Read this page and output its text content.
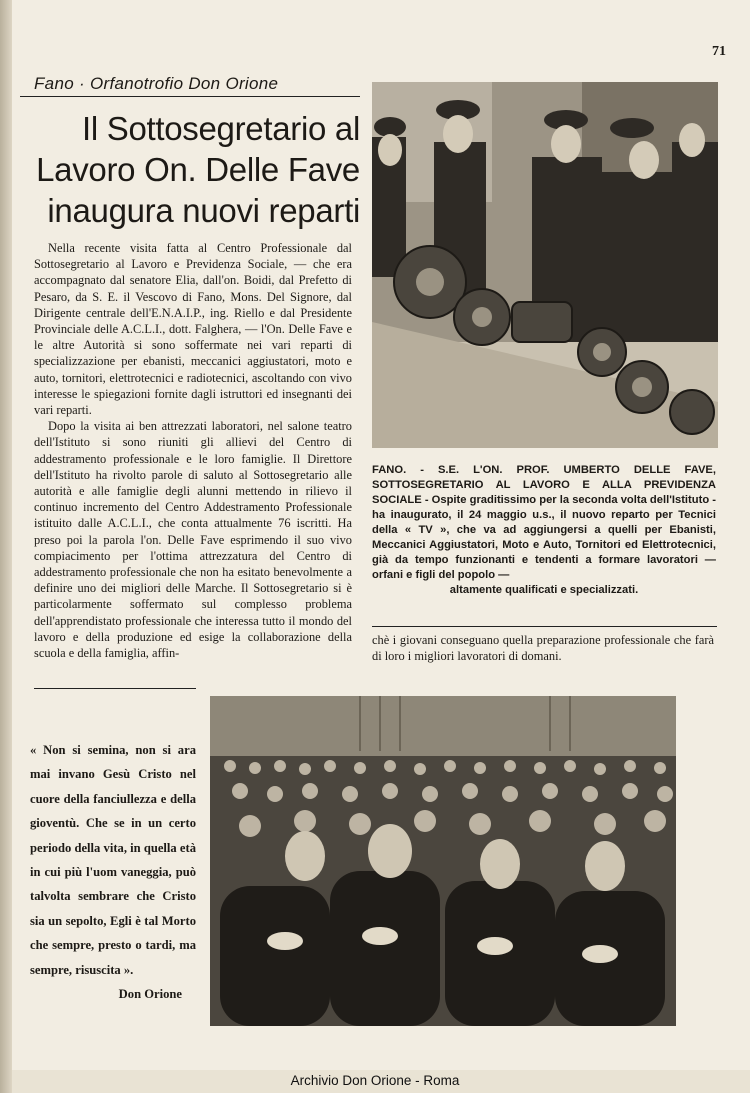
71
Fano · Orfanotrofio Don Orione
Il Sottosegretario al Lavoro On. Delle Fave inaugura nuovi reparti

Nella recente visita fatta al Centro Professionale dal Sottosegretario al Lavoro e Previdenza Sociale, — che era accompagnato dal senatore Elia, dall'on. Boidi, dal Prefetto di Pesaro, da S. E. il Vescovo di Fano, Mons. Del Signore, dal Dirigente centrale dell'E.N.A.I.P., ing. Riello e dal Presidente Provinciale delle A.C.L.I., dott. Falghera, — l'On. Delle Fave e le altre Autorità si sono soffermate nei vari reparti di specializzazione per ebanisti, meccanici aggiustatori, moto e auto, tornitori, elettrotecnici e radiotecnici, ascoltando con vivo interesse le spiegazioni fornite dagli istruttori ed insegnanti dei vari reparti.

Dopo la visita ai ben attrezzati laboratori, nel salone teatro dell'Istituto si sono riuniti gli allievi del Centro di addestramento professionale e le loro famiglie. Il Direttore dell'Istituto ha rivolto parole di saluto al Sottosegretario alle autorità e alle famiglie degli alunni mettendo in rilievo il continuo incremento del Centro Addestramento Professionale istituito dalle A.C.L.I., che conta attualmente 76 iscritti. Ha preso poi la parola l'on. Delle Fave esprimendo il suo vivo compiacimento per l'ottima attrezzatura del Centro di addestramento professionale che non ha esitato benevolmente a definire uno dei migliori delle Marche. Il Sottosegretario si è particolarmente soffermato sul complesso problema dell'apprendistato professionale che interessa tutto il mondo del lavoro e della produzione ed esige la collaborazione della scuola e della famiglia, affin-

FANO. - S.E. L'ON. PROF. UMBERTO DELLE FAVE, SOTTOSEGRETARIO AL LAVORO E ALLA PREVIDENZA SOCIALE - Ospite graditissimo per la seconda volta dell'Istituto - ha inaugurato, il 24 maggio u.s., il nuovo reparto per Tecnici della « TV », che va ad aggiungersi a quelli per Ebanisti, Meccanici Aggiustatori, Moto e Auto, Tornitori ed Elettrotecnici, già da tempo funzionanti e tendenti a formare lavoratori — orfani e figli del popolo —
altamente qualificati e specializzati.

chè i giovani conseguano quella preparazione professionale che farà di loro i migliori lavoratori di domani.

« Non si semina, non si ara mai invano Gesù Cristo nel cuore della fanciullezza e della gioventù. Che se in un certo periodo della vita, in quella età in cui più l'uom vaneggia, può talvolta sembrare che Cristo sia un sepolto, Egli è tal Morto che sempre, presto o tardi, ma sempre, risuscita ».

Don Orione
Archivio Don Orione - Roma
